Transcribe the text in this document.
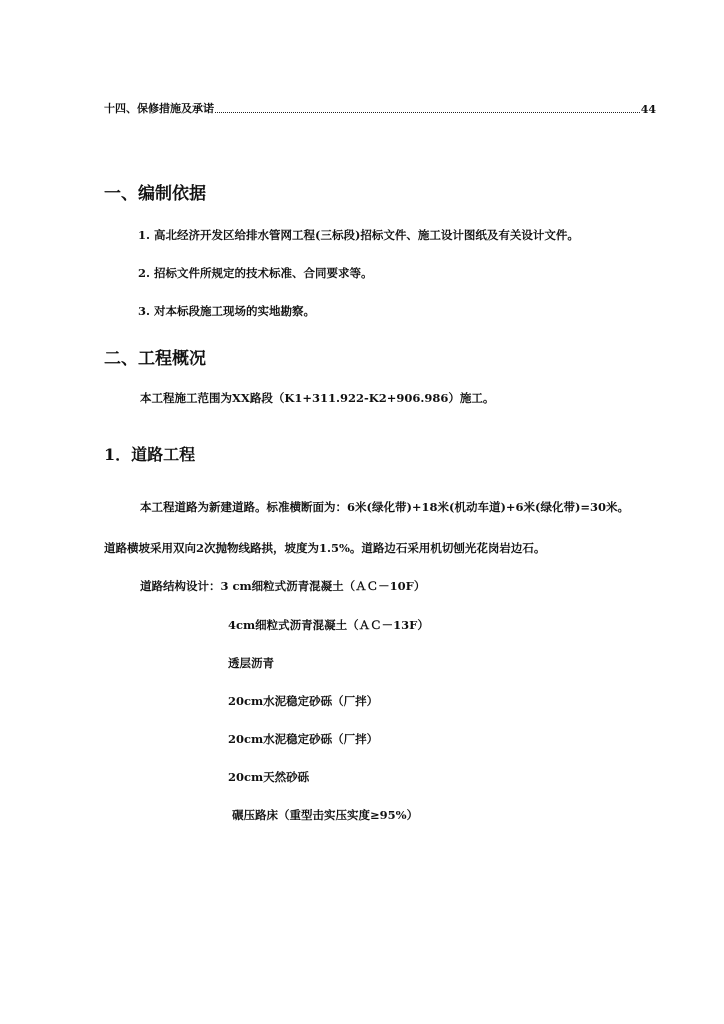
十四、保修措施及承诺	44
一、编制依据
1. 高北经济开发区给排水管网工程(三标段)招标文件、施工设计图纸及有关设计文件。
2. 招标文件所规定的技术标准、合同要求等。
3. 对本标段施工现场的实地勘察。
二、工程概况
本工程施工范围为XX路段（K1+311.922-K2+906.986）施工。
1．道路工程
本工程道路为新建道路。标准横断面为：6米(绿化带)+18米(机动车道)+6米(绿化带)=30米。
道路横坡采用双向2次抛物线路拱，坡度为1.5%。道路边石采用机切刨光花岗岩边石。
道路结构设计：3 cm细粒式沥青混凝土（ＡＣ－10F）
4cm细粒式沥青混凝土（ＡＣ－13F）
透层沥青
20cm水泥稳定砂砾（厂拌）
20cm水泥稳定砂砾（厂拌）
20cm天然砂砾
碾压路床（重型击实压实度≥95%）
